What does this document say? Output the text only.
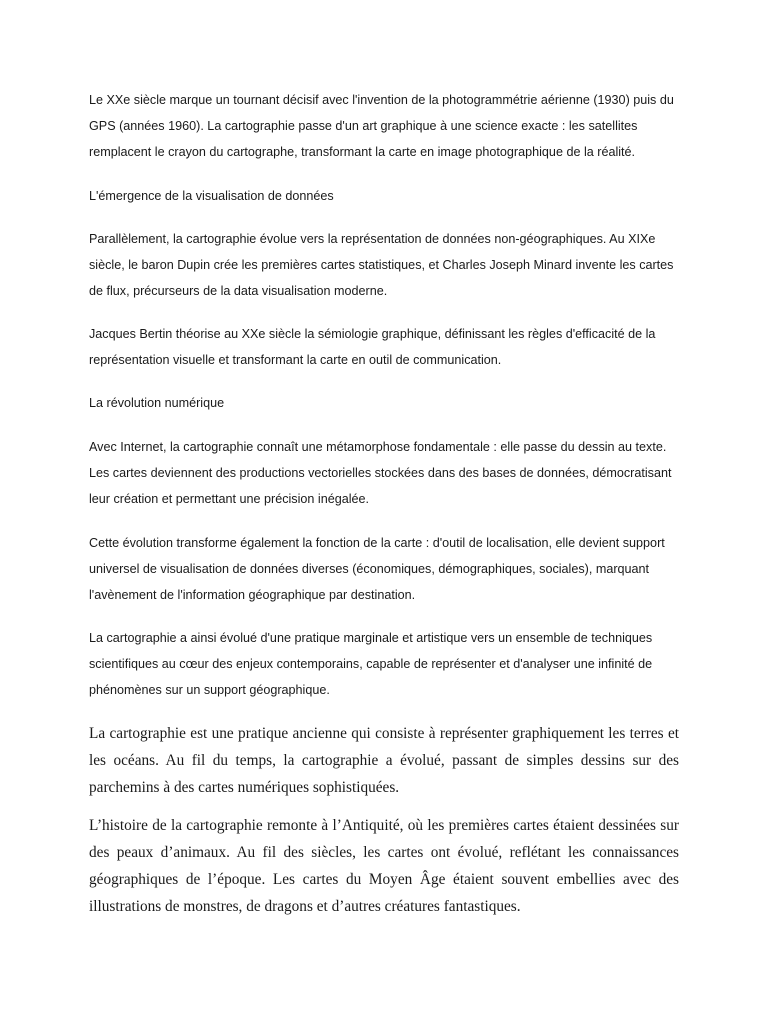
Le XXe siècle marque un tournant décisif avec l'invention de la photogrammétrie aérienne (1930) puis du
GPS (années 1960). La cartographie passe d'un art graphique à une science exacte : les satellites
remplacent le crayon du cartographe, transformant la carte en image photographique de la réalité.

L'émergence de la visualisation de données

Parallèlement, la cartographie évolue vers la représentation de données non-géographiques. Au XIXe
siècle, le baron Dupin crée les premières cartes statistiques, et Charles Joseph Minard invente les cartes
de flux, précurseurs de la data visualisation moderne.

Jacques Bertin théorise au XXe siècle la sémiologie graphique, définissant les règles d'efficacité de la
représentation visuelle et transformant la carte en outil de communication.

La révolution numérique

Avec Internet, la cartographie connaît une métamorphose fondamentale : elle passe du dessin au texte.
Les cartes deviennent des productions vectorielles stockées dans des bases de données, démocratisant
leur création et permettant une précision inégalée.

Cette évolution transforme également la fonction de la carte : d'outil de localisation, elle devient support
universel de visualisation de données diverses (économiques, démographiques, sociales), marquant
l'avènement de l'information géographique par destination.

La cartographie a ainsi évolué d'une pratique marginale et artistique vers un ensemble de techniques
scientifiques au cœur des enjeux contemporains, capable de représenter et d'analyser une infinité de
phénomènes sur un support géographique.

La cartographie est une pratique ancienne qui consiste à représenter graphiquement les terres et
les océans. Au fil du temps, la cartographie a évolué, passant de simples dessins sur des
parchemins à des cartes numériques sophistiquées.

L’histoire de la cartographie remonte à l’Antiquité, où les premières cartes étaient dessinées sur
des peaux d’animaux. Au fil des siècles, les cartes ont évolué, reflétant les connaissances
géographiques de l’époque. Les cartes du Moyen Âge étaient souvent embellies avec des
illustrations de monstres, de dragons et d’autres créatures fantastiques.
